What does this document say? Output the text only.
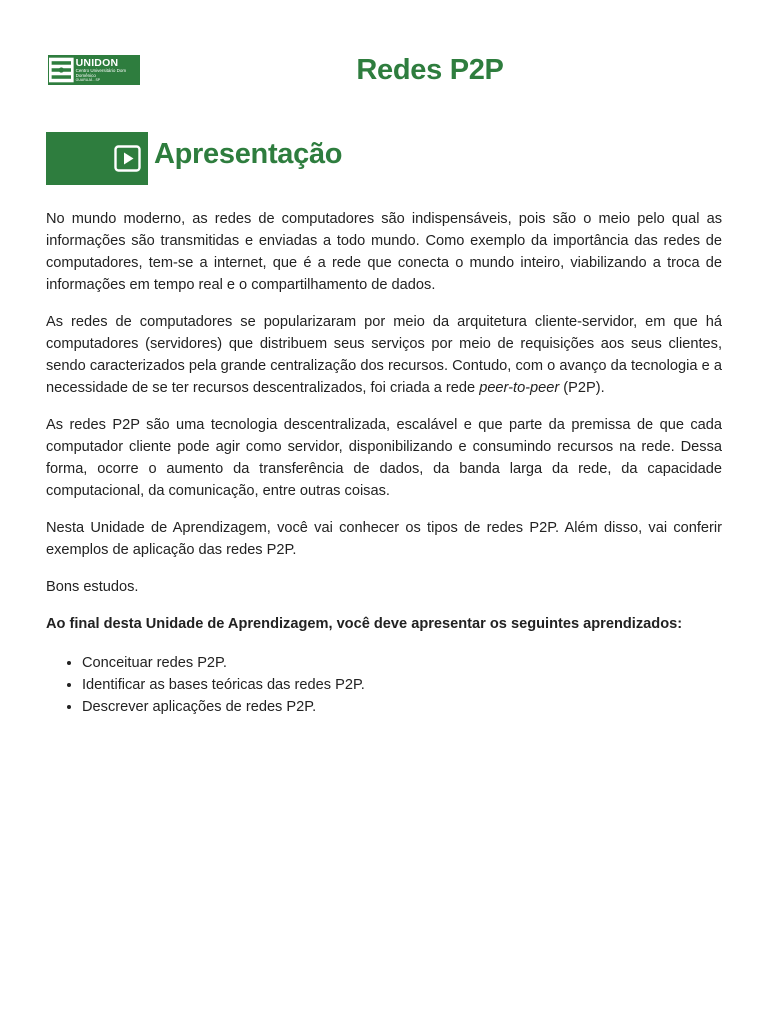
UNIDON
Centro Universitário Dom Domênico
GUARUJÁ - SP	Redes P2P
Apresentação

No mundo moderno, as redes de computadores são indispensáveis, pois são o meio pelo qual as informações são transmitidas e enviadas a todo mundo. Como exemplo da importância das redes de computadores, tem-se a internet, que é a rede que conecta o mundo inteiro, viabilizando a troca de informações em tempo real e o compartilhamento de dados.

As redes de computadores se popularizaram por meio da arquitetura cliente-servidor, em que há computadores (servidores) que distribuem seus serviços por meio de requisições aos seus clientes, sendo caracterizados pela grande centralização dos recursos. Contudo, com o avanço da tecnologia e a necessidade de se ter recursos descentralizados, foi criada a rede peer-to-peer (P2P).

As redes P2P são uma tecnologia descentralizada, escalável e que parte da premissa de que cada computador cliente pode agir como servidor, disponibilizando e consumindo recursos na rede. Dessa forma, ocorre o aumento da transferência de dados, da banda larga da rede, da capacidade computacional, da comunicação, entre outras coisas.

Nesta Unidade de Aprendizagem, você vai conhecer os tipos de redes P2P. Além disso, vai conferir exemplos de aplicação das redes P2P.

Bons estudos.

Ao final desta Unidade de Aprendizagem, você deve apresentar os seguintes aprendizados:

• Conceituar redes P2P.
• Identificar as bases teóricas das redes P2P.
• Descrever aplicações de redes P2P.
